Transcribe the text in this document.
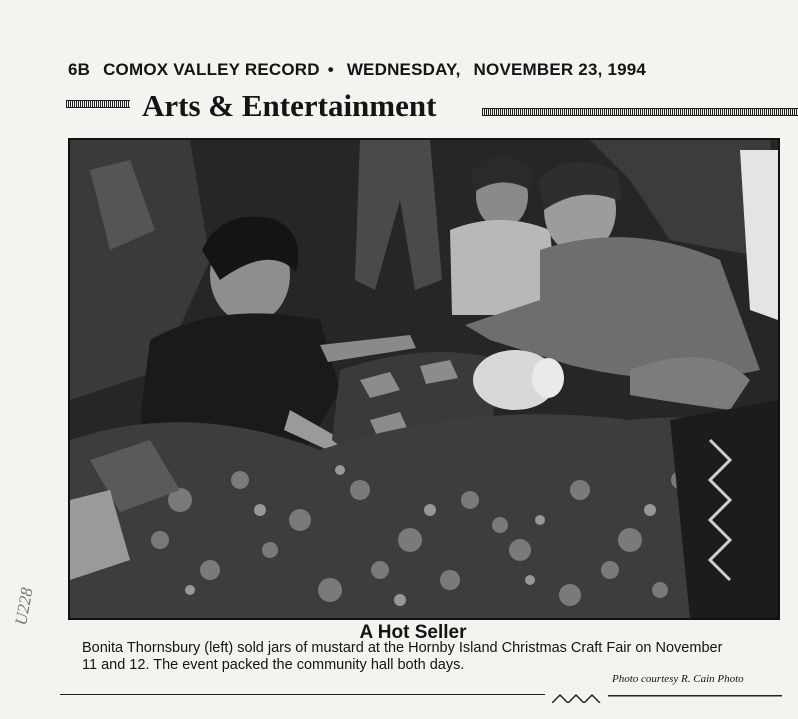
6B COMOX VALLEY RECORD • WEDNESDAY, NOVEMBER 23, 1994
Arts & Entertainment
A Hot Seller
Bonita Thornsbury (left) sold jars of mustard at the Hornby Island Christmas Craft Fair on November
11 and 12. The event packed the community hall both days.
Photo courtesy R. Cain Photo
U228
